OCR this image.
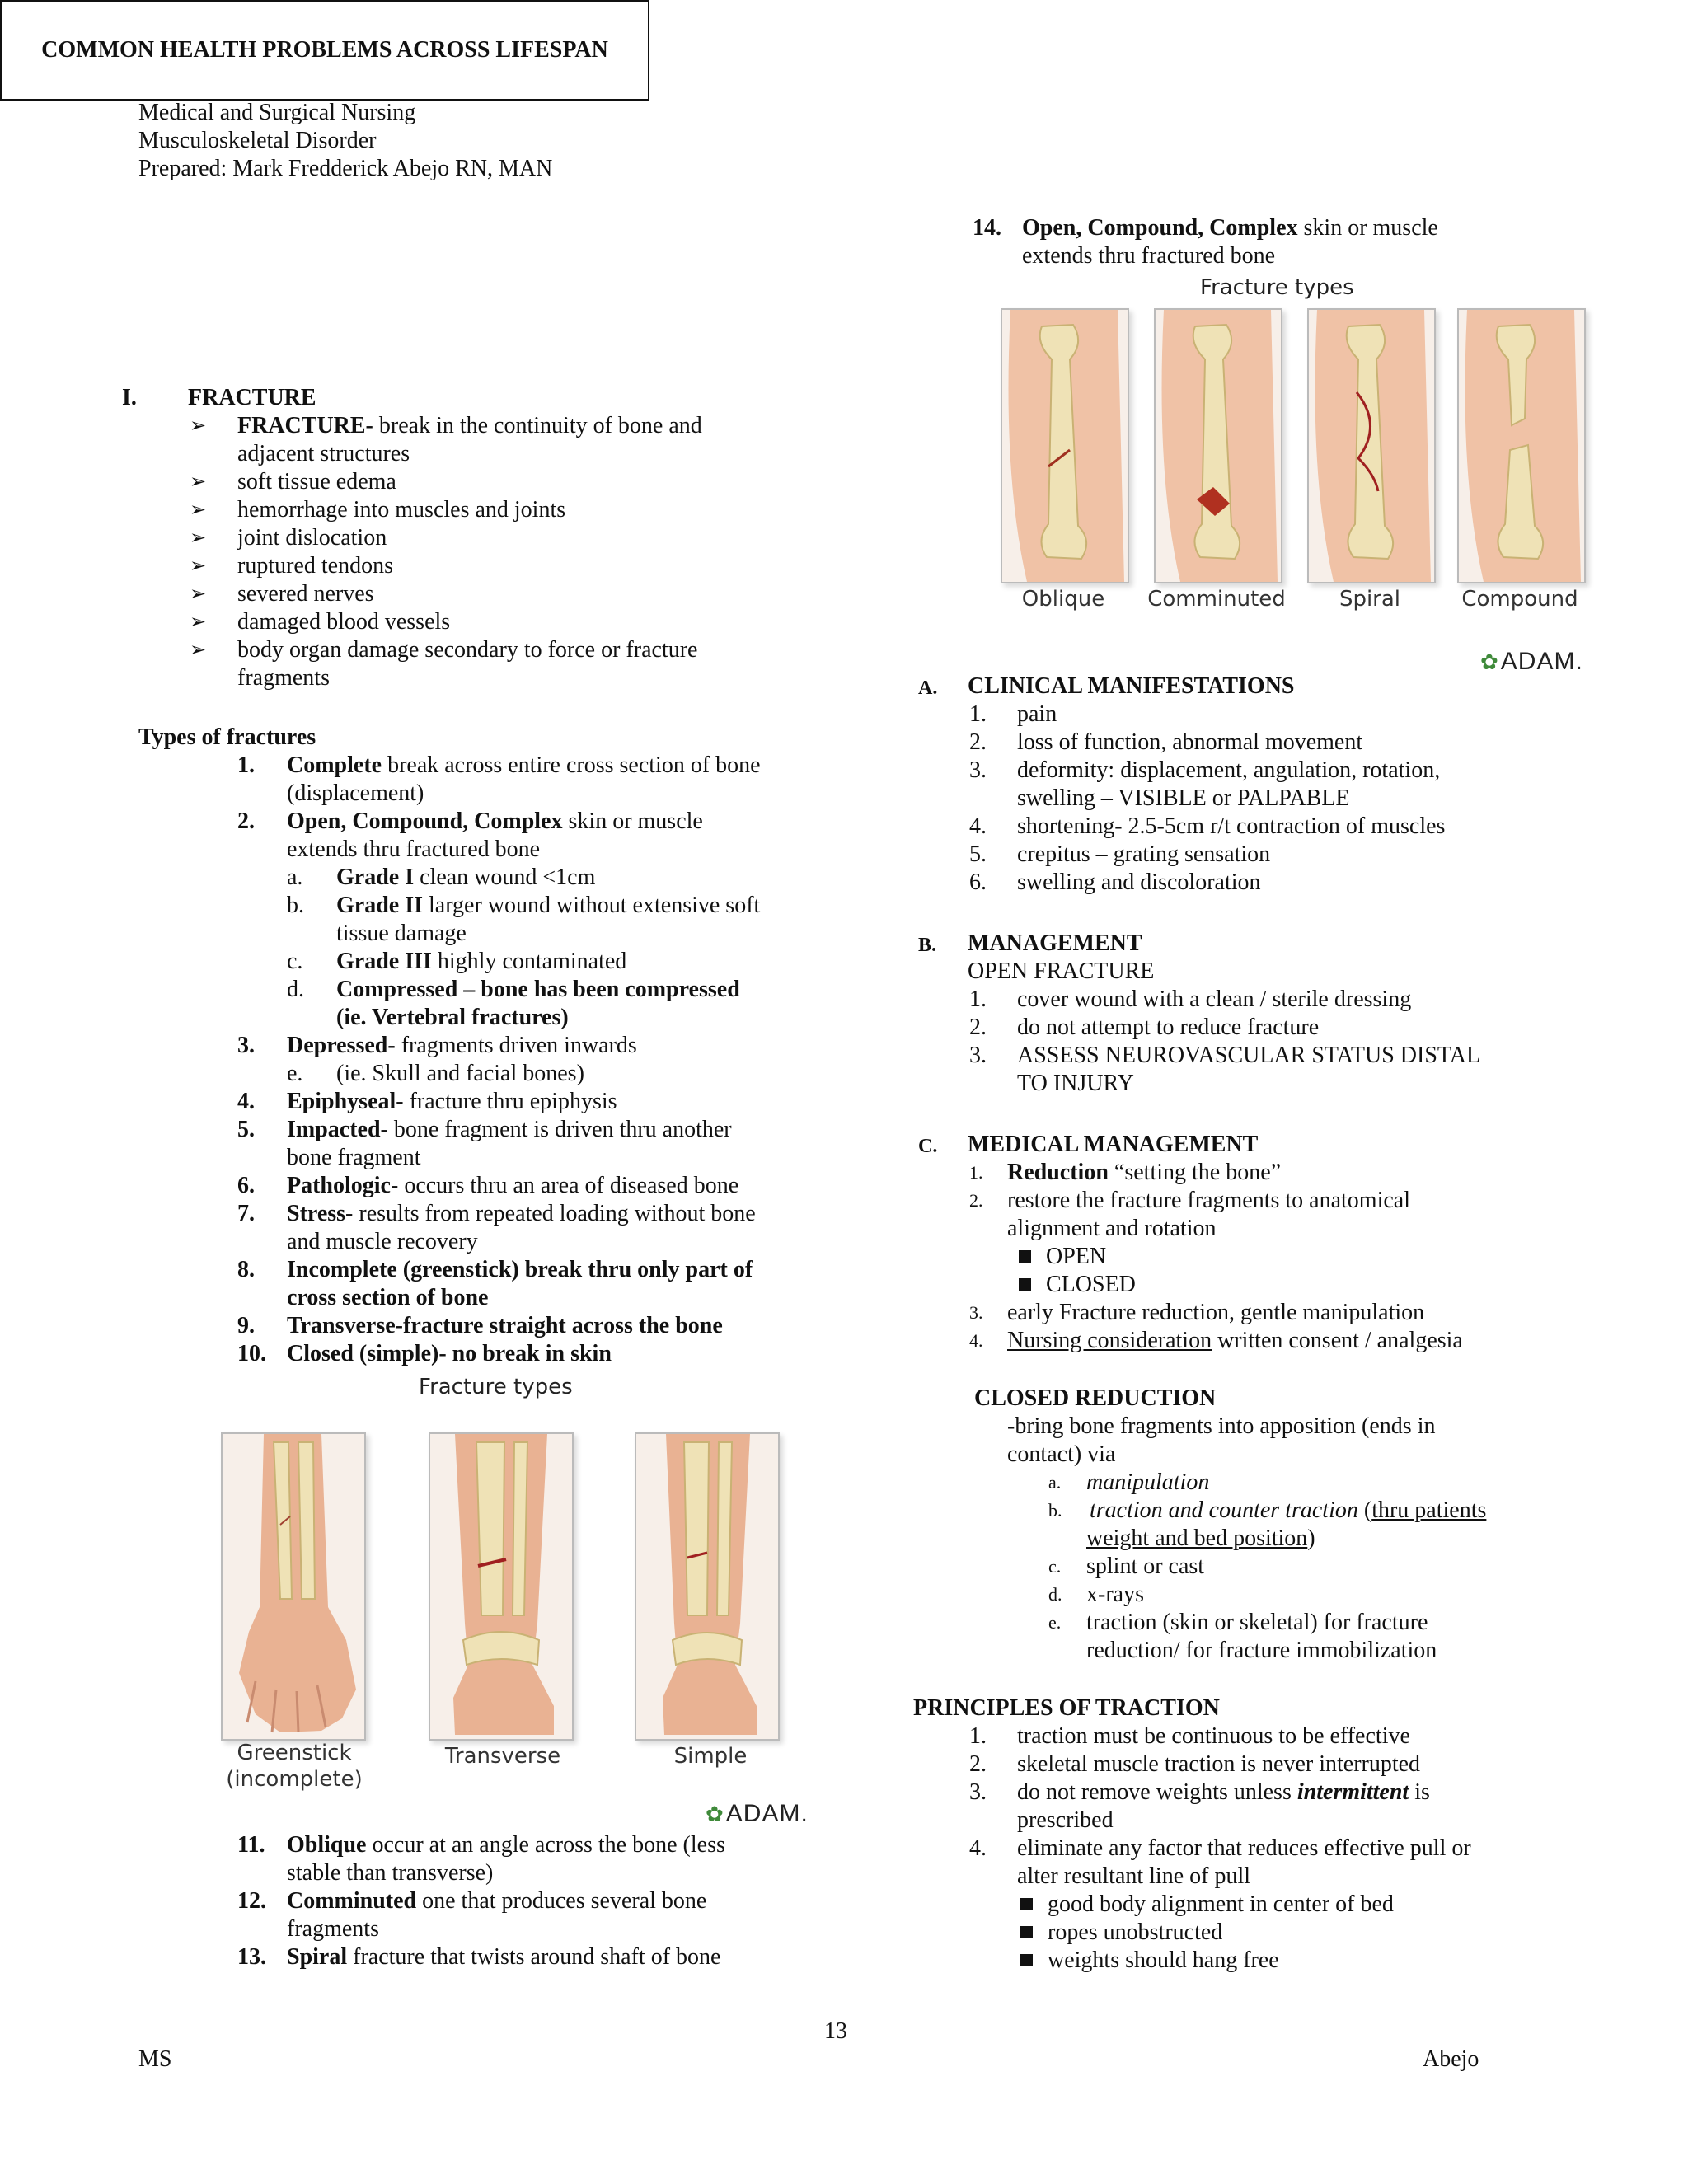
Medical and Surgical Nursing
Musculoskeletal Disorder
Prepared: Mark Fredderick Abejo RN, MAN
COMMON HEALTH PROBLEMS ACROSS LIFESPAN
I. FRACTURE
➢ FRACTURE- break in the continuity of bone and
adjacent structures
➢ soft tissue edema
➢ hemorrhage into muscles and joints
➢ joint dislocation
➢ ruptured tendons
➢ severed nerves
➢ damaged blood vessels
➢ body organ damage secondary to force or fracture
fragments
Types of fractures
1. Complete break across entire cross section of bone
(displacement)
2. Open, Compound, Complex skin or muscle
extends thru fractured bone
a. Grade I clean wound <1cm
b. Grade II larger wound without extensive soft
tissue damage
c. Grade III highly contaminated
d. Compressed – bone has been compressed
(ie. Vertebral fractures)
3. Depressed- fragments driven inwards
e. (ie. Skull and facial bones)
4. Epiphyseal- fracture thru epiphysis
5. Impacted- bone fragment is driven thru another
bone fragment
6. Pathologic- occurs thru an area of diseased bone
7. Stress- results from repeated loading without bone
and muscle recovery
8. Incomplete (greenstick) break thru only part of
cross section of bone
9. Transverse-fracture straight across the bone
10. Closed (simple)- no break in skin
Fracture types
Greenstick
(incomplete)
Transverse	Simple
✿ADAM.
11. Oblique occur at an angle across the bone (less
stable than transverse)
12. Comminuted one that produces several bone
fragments
13. Spiral fracture that twists around shaft of bone
14. Open, Compound, Complex skin or muscle
extends thru fractured bone
Fracture types
Oblique	Comminuted	Spiral	Compound
✿ADAM.
A. CLINICAL MANIFESTATIONS
1. pain
2. loss of function, abnormal movement
3. deformity: displacement, angulation, rotation,
swelling – VISIBLE or PALPABLE
4. shortening- 2.5-5cm r/t contraction of muscles
5. crepitus – grating sensation
6. swelling and discoloration
B. MANAGEMENT
OPEN FRACTURE
1. cover wound with a clean / sterile dressing
2. do not attempt to reduce fracture
3. ASSESS NEUROVASCULAR STATUS DISTAL
TO INJURY
C. MEDICAL MANAGEMENT
1. Reduction “setting the bone”
2. restore the fracture fragments to anatomical
alignment and rotation
OPEN
CLOSED
3. early Fracture reduction, gentle manipulation
4. Nursing consideration written consent / analgesia
CLOSED REDUCTION
-bring bone fragments into apposition (ends in
contact) via
a. manipulation
b. traction and counter traction (thru patients
weight and bed position)
c. splint or cast
d. x-rays
e. traction (skin or skeletal) for fracture
reduction/ for fracture immobilization
PRINCIPLES OF TRACTION
1. traction must be continuous to be effective
2. skeletal muscle traction is never interrupted
3. do not remove weights unless intermittent is
prescribed
4. eliminate any factor that reduces effective pull or
alter resultant line of pull
good body alignment in center of bed
ropes unobstructed
weights should hang free
13
MS	Abejo
